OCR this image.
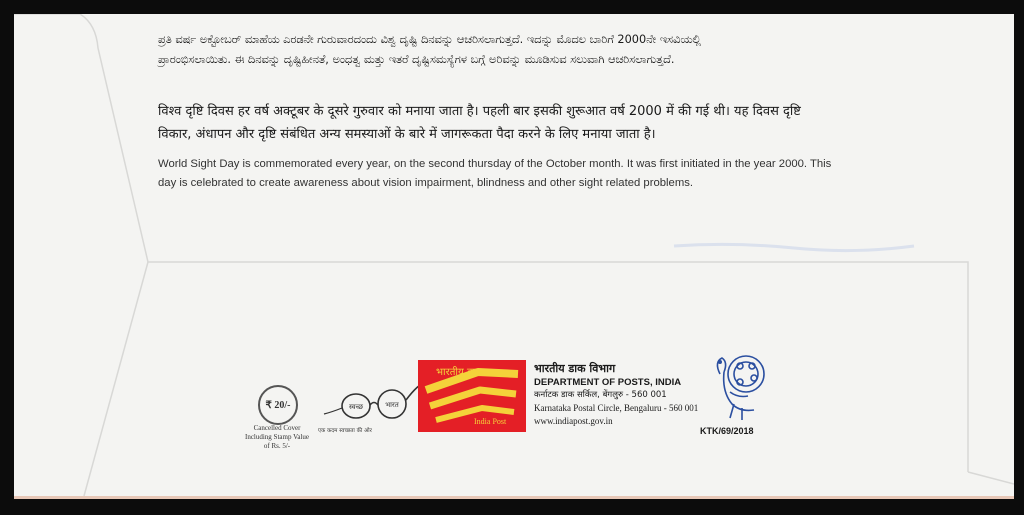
ಪ್ರತಿ ವರ್ಷ ಅಕ್ಟೋಬರ್ ಮಾಹೆಯ ಎರಡನೇ ಗುರುವಾರದಂದು ವಿಶ್ವ ದೃಷ್ಟಿ ದಿನವನ್ನು ಆಚರಿಸಲಾಗುತ್ತದೆ. ಇದನ್ನು ಮೊದಲ ಬಾರಿಗೆ 2000ನೇ ಇಸವಿಯಲ್ಲಿ
ಪ್ರಾರಂಭಿಸಲಾಯಿತು. ಈ ದಿನವನ್ನು ದೃಷ್ಟಿಹೀನತೆ, ಅಂಧತ್ವ ಮತ್ತು ಇತರೆ ದೃಷ್ಟಿಸಮಸ್ಯೆಗಳ ಬಗ್ಗೆ ಅರಿವನ್ನು ಮೂಡಿಸುವ ಸಲುವಾಗಿ ಆಚರಿಸಲಾಗುತ್ತದೆ.
विश्व दृष्टि दिवस हर वर्ष अक्टूबर के दूसरे गुरुवार को मनाया जाता है। पहली बार इसकी शुरूआत वर्ष 2000 में की गई थी। यह दिवस दृष्टि
विकार, अंधापन और दृष्टि संबंधित अन्य समस्याओं के बारे में जागरूकता पैदा करने के लिए मनाया जाता है।
World Sight Day is commemorated every year, on the second thursday of the October month. It was first initiated in the year 2000. This
day is celebrated to create awareness about vision impairment, blindness and other sight related problems.
₹ 20/-
Cancelled Cover
Including Stamp Value
of Rs. 5/-
स्वच्छ	भारत
एक कदम स्वच्छता की ओर
भारतीय डाक
India Post
भारतीय डाक विभाग
DEPARTMENT OF POSTS, INDIA
कर्नाटक डाक सर्किल, बेंगलुरु - 560 001
Karnataka Postal Circle, Bengaluru - 560 001
www.indiapost.gov.in
KTK/69/2018
